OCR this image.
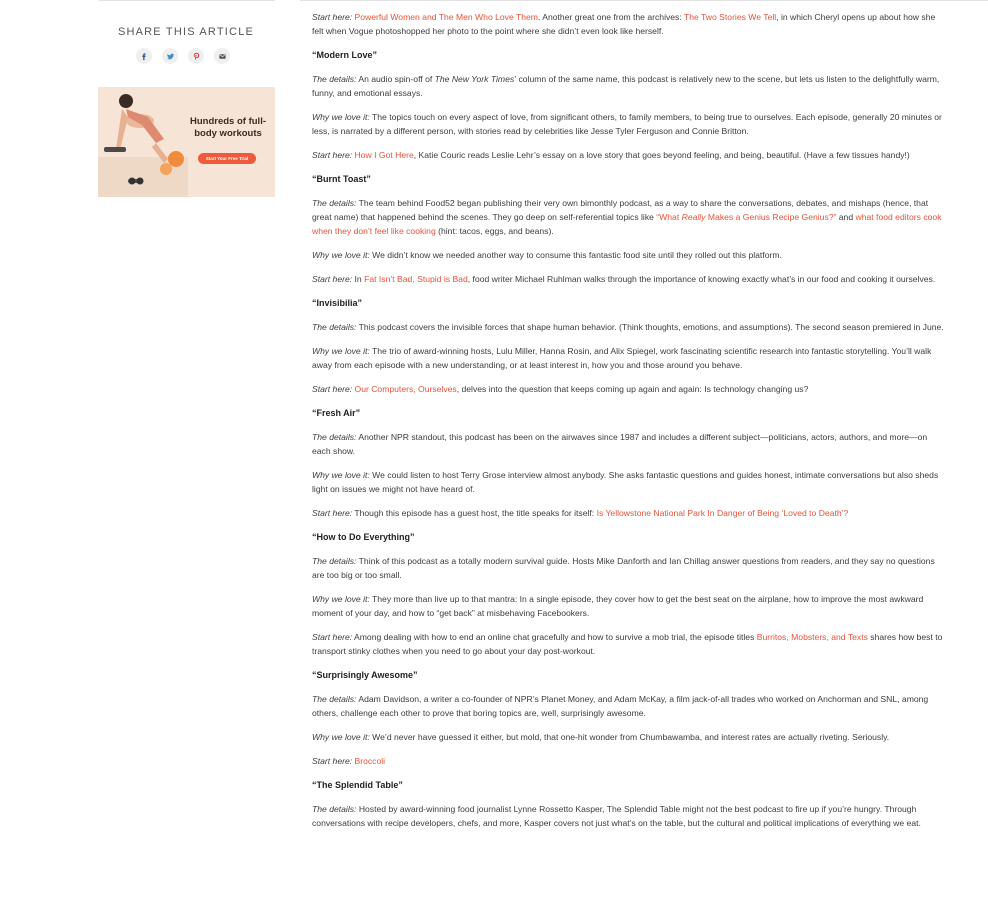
SHARE THIS ARTICLE
Hundreds of full-body workouts
Start Your Free Trial

Start here: Powerful Women and The Men Who Love Them. Another great one from the archives: The Two Stories We Tell, in which Cheryl opens up about how she felt when Vogue photoshopped her photo to the point where she didn’t even look like herself.

“Modern Love”

The details: An audio spin-off of The New York Times’ column of the same name, this podcast is relatively new to the scene, but lets us listen to the delightfully warm, funny, and emotional essays.

Why we love it: The topics touch on every aspect of love, from significant others, to family members, to being true to ourselves. Each episode, generally 20 minutes or less, is narrated by a different person, with stories read by celebrities like Jesse Tyler Ferguson and Connie Britton.

Start here: How I Got Here, Katie Couric reads Leslie Lehr’s essay on a love story that goes beyond feeling, and being, beautiful. (Have a few tissues handy!)

“Burnt Toast”

The details: The team behind Food52 began publishing their very own bimonthly podcast, as a way to share the conversations, debates, and mishaps (hence, that great name) that happened behind the scenes. They go deep on self-referential topics like “What Really Makes a Genius Recipe Genius?” and what food editors cook when they don’t feel like cooking (hint: tacos, eggs, and beans).

Why we love it: We didn’t know we needed another way to consume this fantastic food site until they rolled out this platform.

Start here: In Fat Isn’t Bad, Stupid is Bad, food writer Michael Ruhlman walks through the importance of knowing exactly what’s in our food and cooking it ourselves.

“Invisibilia”

The details: This podcast covers the invisible forces that shape human behavior. (Think thoughts, emotions, and assumptions). The second season premiered in June.

Why we love it: The trio of award-winning hosts, Lulu Miller, Hanna Rosin, and Alix Spiegel, work fascinating scientific research into fantastic storytelling. You’ll walk away from each episode with a new understanding, or at least interest in, how you and those around you behave.

Start here: Our Computers, Ourselves, delves into the question that keeps coming up again and again: Is technology changing us?

“Fresh Air”

The details: Another NPR standout, this podcast has been on the airwaves since 1987 and includes a different subject—politicians, actors, authors, and more—on each show.

Why we love it: We could listen to host Terry Grose interview almost anybody. She asks fantastic questions and guides honest, intimate conversations but also sheds light on issues we might not have heard of.

Start here: Though this episode has a guest host, the title speaks for itself: Is Yellowstone National Park In Danger of Being ‘Loved to Death’?

“How to Do Everything”

The details: Think of this podcast as a totally modern survival guide. Hosts Mike Danforth and Ian Chillag answer questions from readers, and they say no questions are too big or too small.

Why we love it: They more than live up to that mantra: In a single episode, they cover how to get the best seat on the airplane, how to improve the most awkward moment of your day, and how to “get back” at misbehaving Facebookers.

Start here: Among dealing with how to end an online chat gracefully and how to survive a mob trial, the episode titles Burritos, Mobsters, and Texts shares how best to transport stinky clothes when you need to go about your day post-workout.

“Surprisingly Awesome”

The details: Adam Davidson, a writer a co-founder of NPR’s Planet Money, and Adam McKay, a film jack-of-all trades who worked on Anchorman and SNL, among others, challenge each other to prove that boring topics are, well, surprisingly awesome.

Why we love it: We’d never have guessed it either, but mold, that one-hit wonder from Chumbawamba, and interest rates are actually riveting. Seriously.

Start here: Broccoli

“The Splendid Table”

The details: Hosted by award-winning food journalist Lynne Rossetto Kasper, The Splendid Table might not the best podcast to fire up if you’re hungry. Through conversations with recipe developers, chefs, and more, Kasper covers not just what’s on the table, but the cultural and political implications of everything we eat.
